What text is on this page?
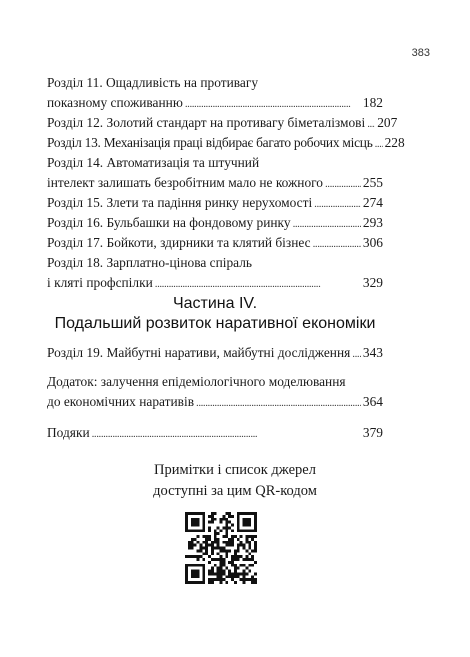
383
Розділ 11. Ощадливість на противагу
показному споживанню . . .	182
Розділ 12. Золотий стандарт на противагу біметалізмові . . . 207
Розділ 13. Механізація праці відбирає багато робочих місць . . . 228
Розділ 14. Автоматизація та штучний
інтелект залишать безробітним мало не кожного . . .	255
Розділ 15. Злети та падіння ринку нерухомості . . .	274
Розділ 16. Бульбашки на фондовому ринку . . .	293
Розділ 17. Бойкоти, здирники та клятий бізнес . . .	306
Розділ 18. Зарплатно-цінова спіраль
і кляті профспілки . . .	329
Розділ 19. Майбутні наративи, майбутні дослідження . . . 343
Додаток: залучення епідеміологічного моделювання
до економічних наративів . . .	364
Подяки . . .	379
Частина IV.
Подальший розвиток наративної економіки
Примітки і список джерел
доступні за цим QR-кодом
